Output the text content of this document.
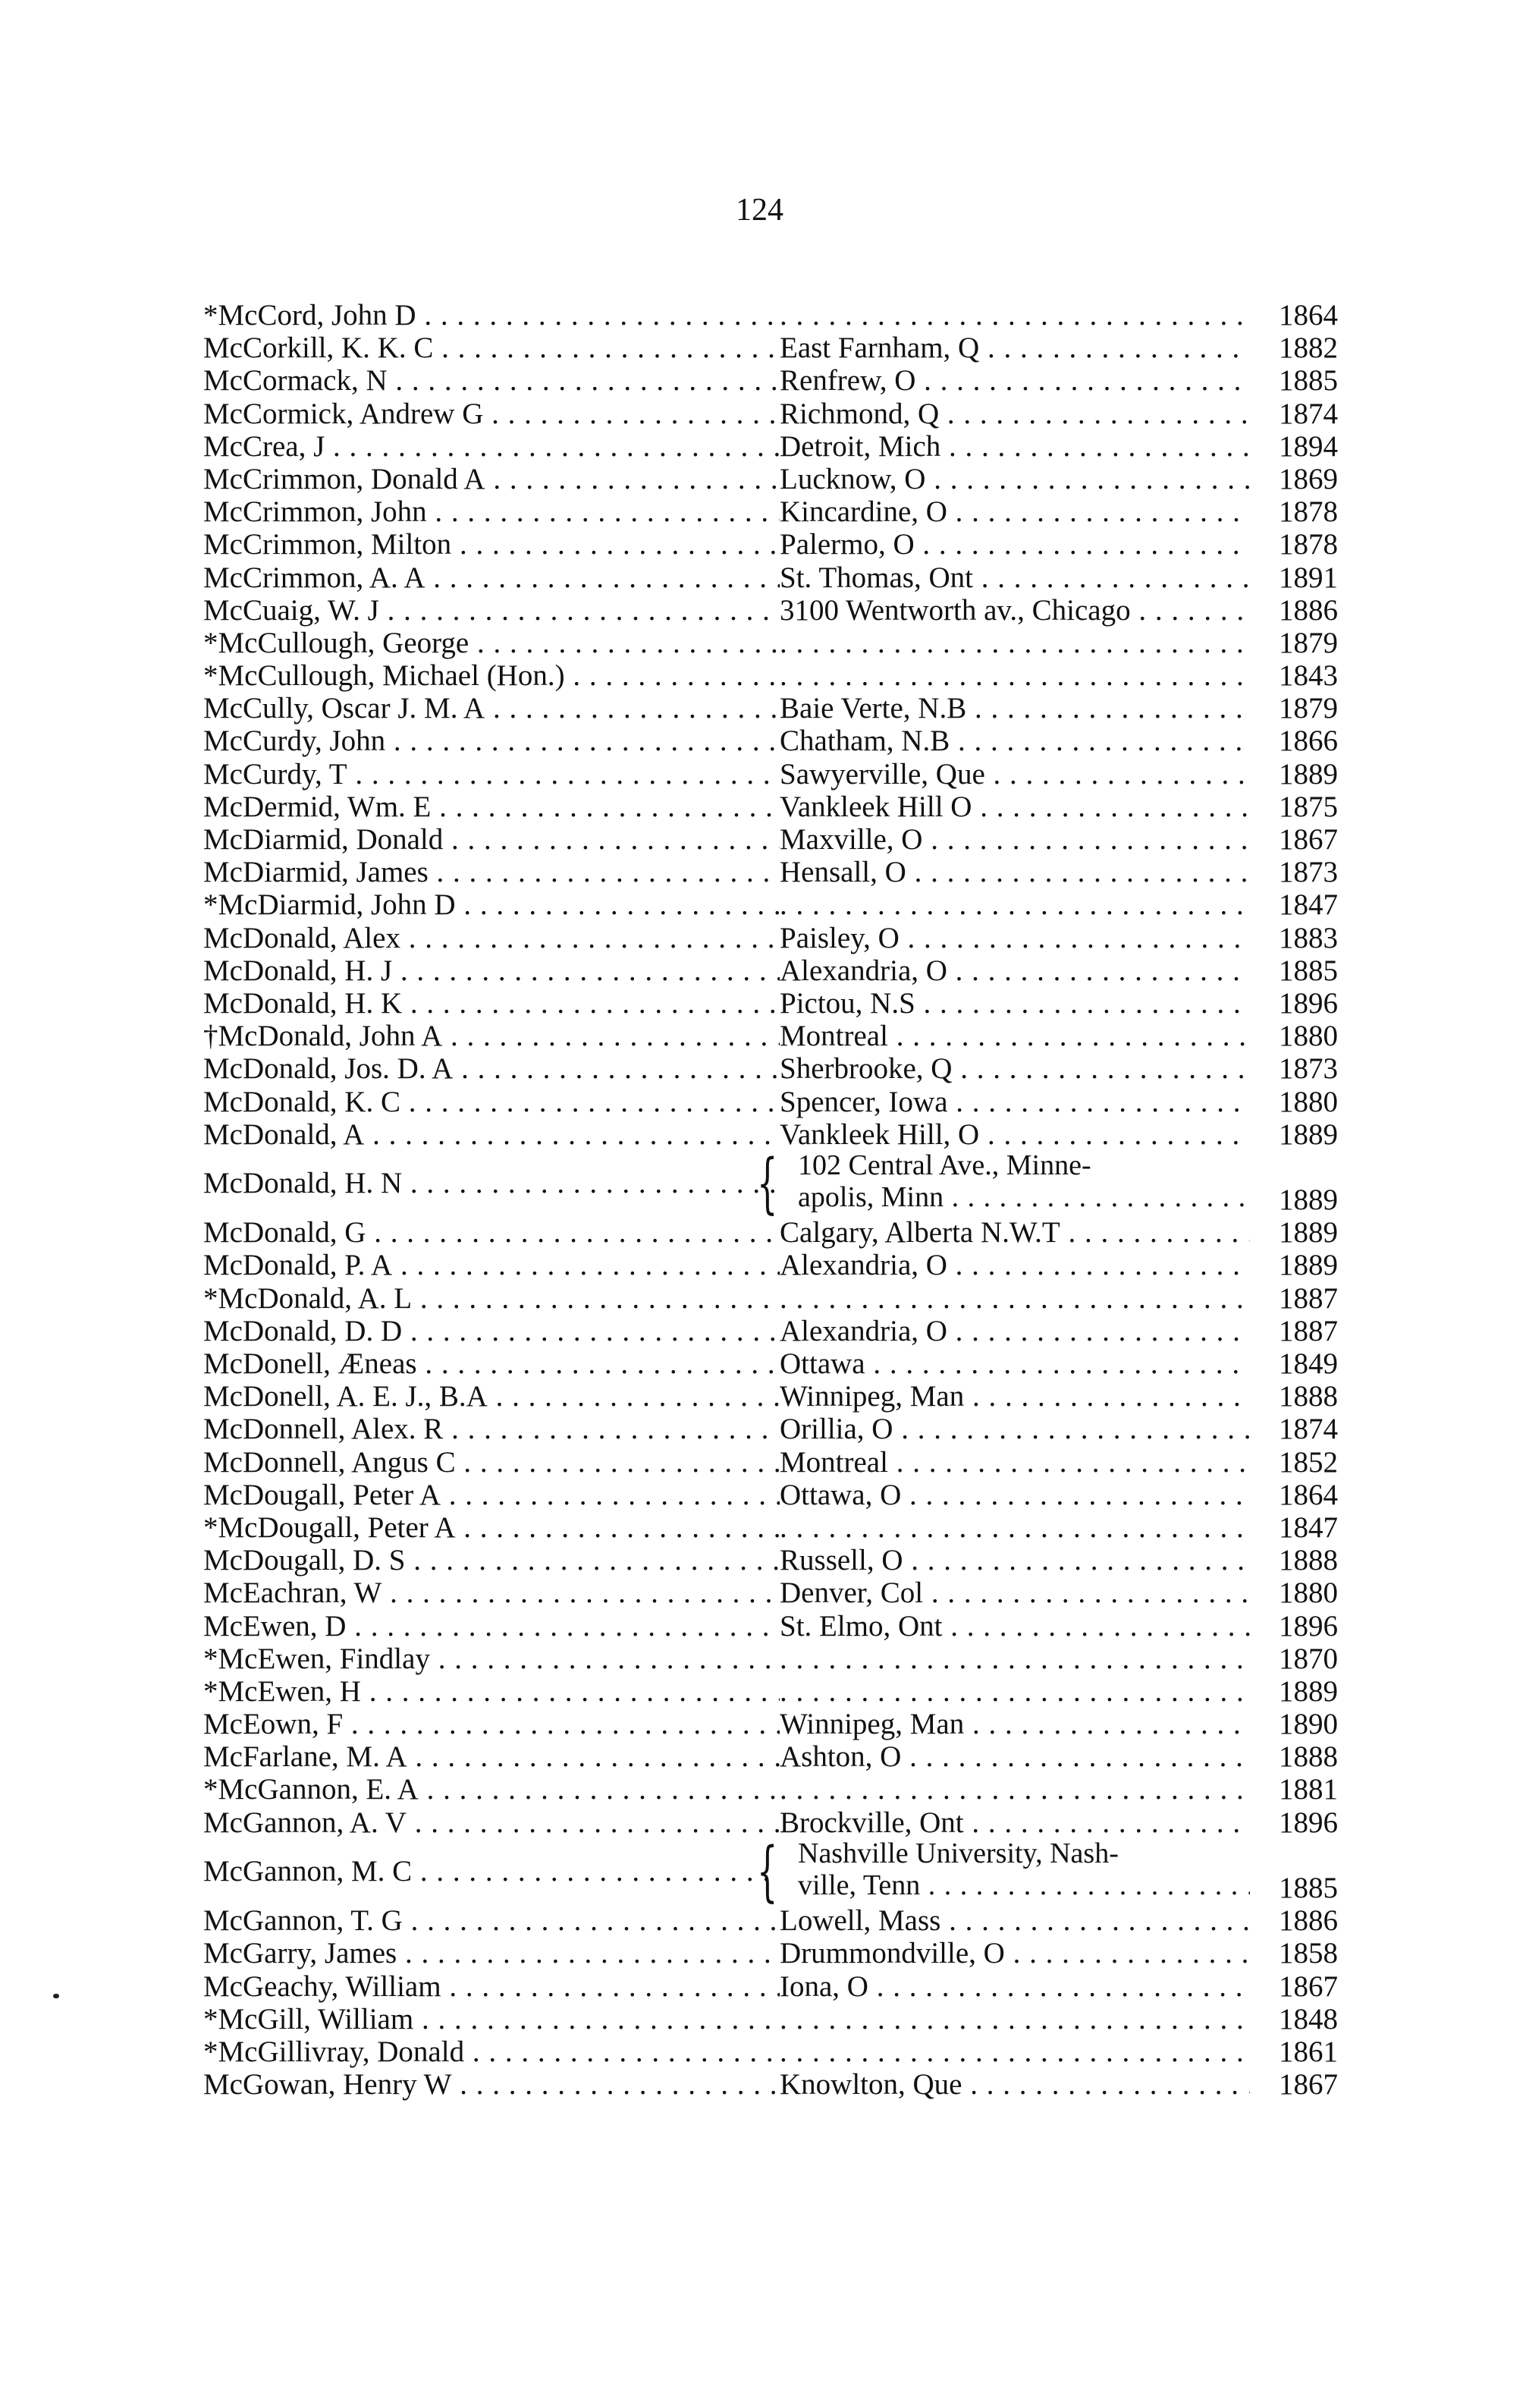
124
*McCord, John D . . . . . .	1864
McCorkill, K. K. C . . .	East Farnham, Q . . .	1882
McCormack, N . . .	Renfrew, O . . .	1885
McCormick, Andrew G . . .	Richmond, Q . . .	1874
McCrea, J . . .	Detroit, Mich . . .	1894
McCrimmon, Donald A . . .	Lucknow, O . . .	1869
McCrimmon, John . . .	Kincardine, O . . .	1878
McCrimmon, Milton . . .	Palermo, O . . .	1878
McCrimmon, A. A . . .	St. Thomas, Ont . . .	1891
McCuaig, W. J . . .	3100 Wentworth av., Chicago . . .	1886
*McCullough, George . . . . . .	1879
*McCullough, Michael (Hon.) . . . . . .	1843
McCully, Oscar J. M. A . . .	Baie Verte, N.B . . .	1879
McCurdy, John . . .	Chatham, N.B . . .	1866
McCurdy, T . . .	Sawyerville, Que . . .	1889
McDermid, Wm. E . . .	Vankleek Hill O . . .	1875
McDiarmid, Donald . . .	Maxville, O . . .	1867
McDiarmid, James . . .	Hensall, O . . .	1873
*McDiarmid, John D . . . . . .	1847
McDonald, Alex . . .	Paisley, O . . .	1883
McDonald, H. J . . .	Alexandria, O . . .	1885
McDonald, H. K . . .	Pictou, N.S . . .	1896
†McDonald, John A . . .	Montreal . . .	1880
McDonald, Jos. D. A . . .	Sherbrooke, Q . . .	1873
McDonald, K. C . . .	Spencer, Iowa . . .	1880
McDonald, A . . .	Vankleek Hill, O . . .	1889
McDonald, H. N . . .	{ 102 Central Ave., Minne-
apolis, Minn . . .	1889
McDonald, G . . .	Calgary, Alberta N.W.T . . .	1889
McDonald, P. A . . .	Alexandria, O . . .	1889
*McDonald, A. L . . . . . .	1887
McDonald, D. D . . .	Alexandria, O . . .	1887
McDonell, Æneas . . .	Ottawa . . .	1849
McDonell, A. E. J., B.A . . .	Winnipeg, Man . . .	1888
McDonnell, Alex. R . . .	Orillia, O . . .	1874
McDonnell, Angus C . . .	Montreal . . .	1852
McDougall, Peter A . . .	Ottawa, O . . .	1864
*McDougall, Peter A . . . . . .	1847
McDougall, D. S . . .	Russell, O . . .	1888
McEachran, W . . .	Denver, Col . . .	1880
McEwen, D . . .	St. Elmo, Ont . . .	1896
*McEwen, Findlay . . . . . .	1870
*McEwen, H . . . . . .	1889
McEown, F . . .	Winnipeg, Man . . .	1890
McFarlane, M. A . . .	Ashton, O . . .	1888
*McGannon, E. A . . . . . .	1881
McGannon, A. V . . .	Brockville, Ont . . .	1896
McGannon, M. C . . .	{ Nashville University, Nash-
ville, Tenn . . .	1885
McGannon, T. G . . .	Lowell, Mass . . .	1886
McGarry, James . . .	Drummondville, O . . .	1858
McGeachy, William . . .	Iona, O . . .	1867
*McGill, William . . . . . .	1848
*McGillivray, Donald . . . . . .	1861
McGowan, Henry W . . .	Knowlton, Que . . .	1867
